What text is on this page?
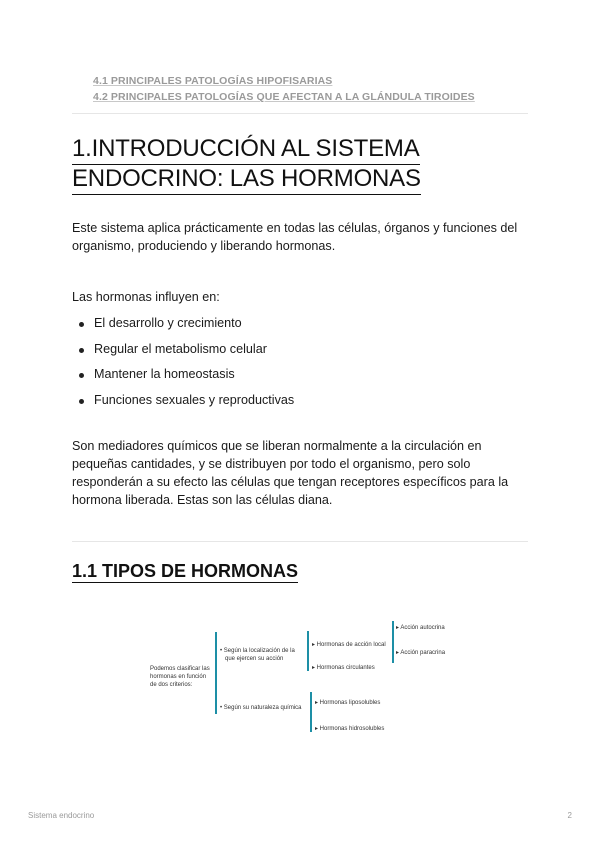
4.1 PRINCIPALES PATOLOGÍAS HIPOFISARIAS
4.2 PRINCIPALES PATOLOGÍAS QUE AFECTAN A LA GLÁNDULA TIROIDES
1.INTRODUCCIÓN AL SISTEMA
ENDOCRINO: LAS HORMONAS

Este sistema aplica prácticamente en todas las células, órganos y funciones del organismo, produciendo y liberando hormonas.

Las hormonas influyen en:

El desarrollo y crecimiento
Regular el metabolismo celular
Mantener la homeostasis
Funciones sexuales y reproductivas

Son mediadores químicos que se liberan normalmente a la circulación en pequeñas cantidades, y se distribuyen por todo el organismo, pero solo responderán a su efecto las células que tengan receptores específicos para la hormona liberada. Estas son las células diana.

1.1 TIPOS DE HORMONAS
Podemos clasificar las
hormonas en función
de dos criterios:
• Según la localización de la
que ejercen su acción
• Según su naturaleza química
▸ Hormonas de acción local
▸ Hormonas circulantes
▸ Acción autocrina
▸ Acción paracrina
▸ Hormonas liposolubles
▸ Hormonas hidrosolubles
Sistema endocrino	2
